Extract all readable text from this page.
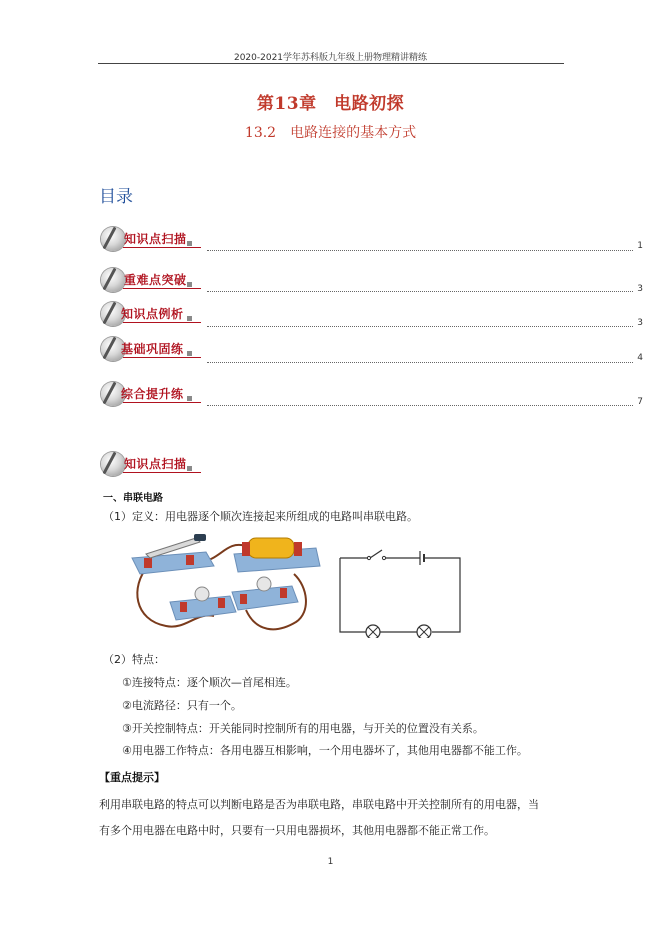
2020-2021学年苏科版九年级上册物理精讲精练
第13章　电路初探
13.2　电路连接的基本方式
目录
知识点扫描	1
重难点突破
3
知识点例析
3
基础巩固练
4
综合提升练
7
知识点扫描
一、串联电路
（1）定义：用电器逐个顺次连接起来所组成的电路叫串联电路。
（2）特点：
①连接特点：逐个顺次—首尾相连。
②电流路径：只有一个。
③开关控制特点：开关能同时控制所有的用电器，与开关的位置没有关系。
④用电器工作特点：各用电器互相影响，一个用电器坏了，其他用电器都不能工作。
【重点提示】
利用串联电路的特点可以判断电路是否为串联电路，串联电路中开关控制所有的用电器，当
有多个用电器在电路中时，只要有一只用电器损坏，其他用电器都不能正常工作。
1
